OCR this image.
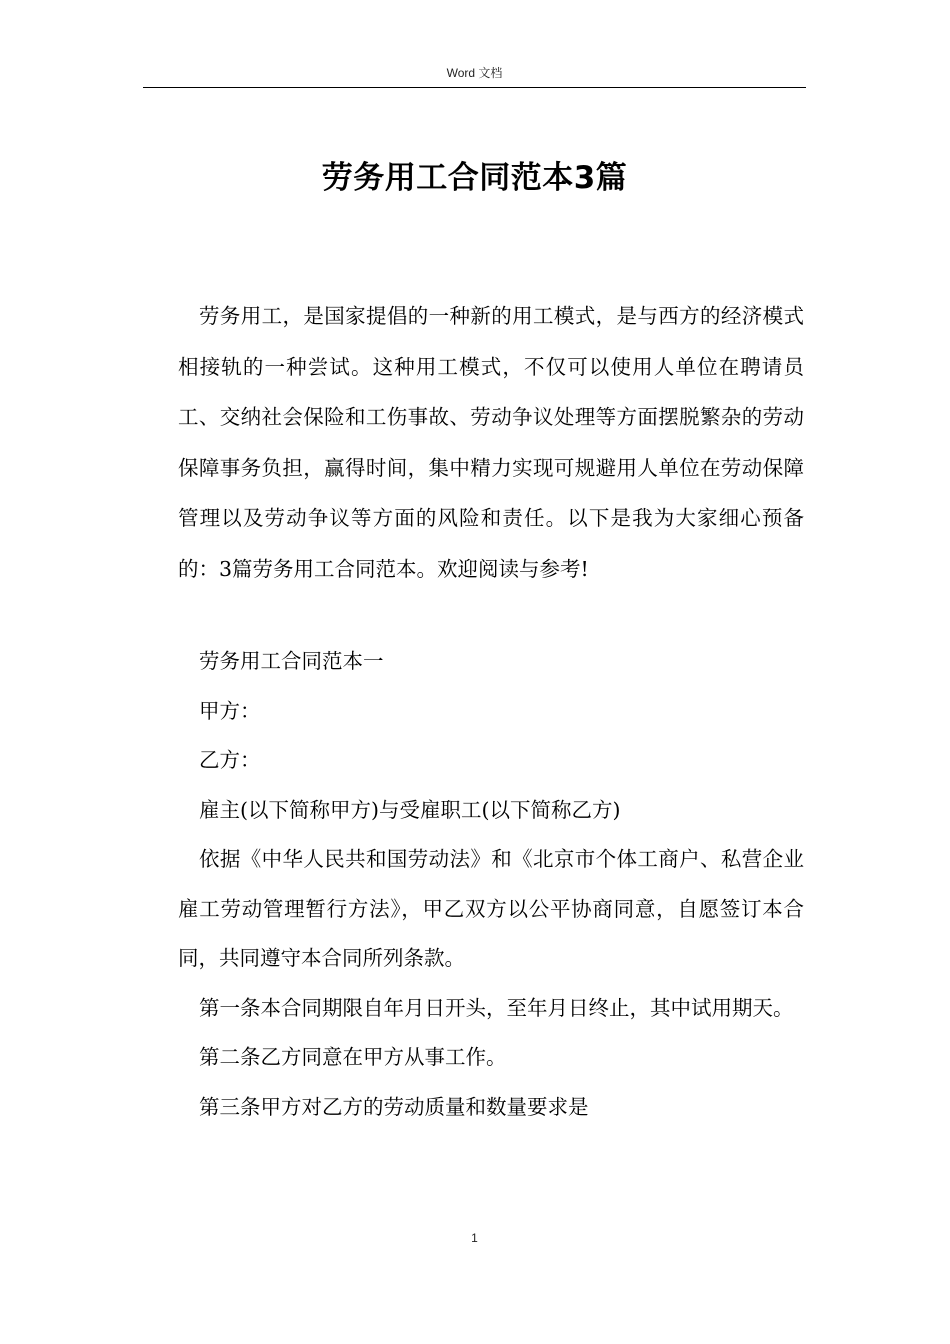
Word 文档
劳务用工合同范本3篇

劳务用工，是国家提倡的一种新的用工模式，是与西方的经济模式相接轨的一种尝试。这种用工模式，不仅可以使用人单位在聘请员工、交纳社会保险和工伤事故、劳动争议处理等方面摆脱繁杂的劳动保障事务负担，赢得时间，集中精力实现可规避用人单位在劳动保障管理以及劳动争议等方面的风险和责任。以下是我为大家细心预备的：3篇劳务用工合同范本。欢迎阅读与参考!

劳务用工合同范本一

甲方：

乙方：

雇主(以下简称甲方)与受雇职工(以下简称乙方)

依据《中华人民共和国劳动法》和《北京市个体工商户、私营企业雇工劳动管理暂行方法》，甲乙双方以公平协商同意，自愿签订本合同，共同遵守本合同所列条款。

第一条本合同期限自年月日开头，至年月日终止，其中试用期天。

第二条乙方同意在甲方从事工作。

第三条甲方对乙方的劳动质量和数量要求是

1
